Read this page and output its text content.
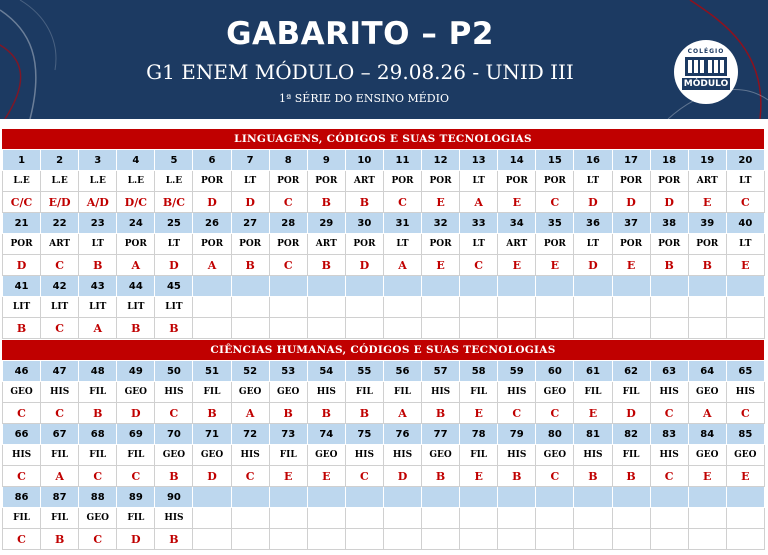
GABARITO – P2
G1 ENEM MÓDULO – 29.08.26 - UNID III
1ª SÉRIE DO ENSINO MÉDIO
COLÉGIO
MÓDULO
LINGUAGENS, CÓDIGOS E SUAS TECNOLOGIAS
1	2	3	4	5	6	7	8	9	10	11	12	13	14	15	16	17	18	19	20
L.E	L.E	L.E	L.E	L.E	POR	LT	POR	POR	ART	POR	POR	LT	POR	POR	LT	POR	POR	ART	LT
C/C	E/D	A/D	D/C	B/C	D	D	C	B	B	C	E	A	E	C	D	D	D	E	C
21	22	23	24	25	26	27	28	29	30	31	32	33	34	35	36	37	38	39	40
POR	ART	LT	POR	LT	POR	POR	POR	ART	POR	LT	POR	LT	ART	POR	LT	POR	POR	POR	LT
D	C	B	A	D	A	B	C	B	D	A	E	C	E	E	D	E	B	B	E
41	42	43	44	45															
LIT	LIT	LIT	LIT	LIT															
B	C	A	B	B															
CIÊNCIAS HUMANAS, CÓDIGOS E SUAS TECNOLOGIAS
46	47	48	49	50	51	52	53	54	55	56	57	58	59	60	61	62	63	64	65
GEO	HIS	FIL	GEO	HIS	FIL	GEO	GEO	HIS	FIL	FIL	HIS	FIL	HIS	GEO	FIL	FIL	HIS	GEO	HIS
C	C	B	D	C	B	A	B	B	B	A	B	E	C	C	E	D	C	A	C
66	67	68	69	70	71	72	73	74	75	76	77	78	79	80	81	82	83	84	85
HIS	FIL	FIL	FIL	GEO	GEO	HIS	FIL	GEO	HIS	HIS	GEO	FIL	HIS	GEO	HIS	FIL	HIS	GEO	GEO
C	A	C	C	B	D	C	E	E	C	D	B	E	B	C	B	B	C	E	E
86	87	88	89	90															
FIL	FIL	GEO	FIL	HIS															
C	B	C	D	B															
